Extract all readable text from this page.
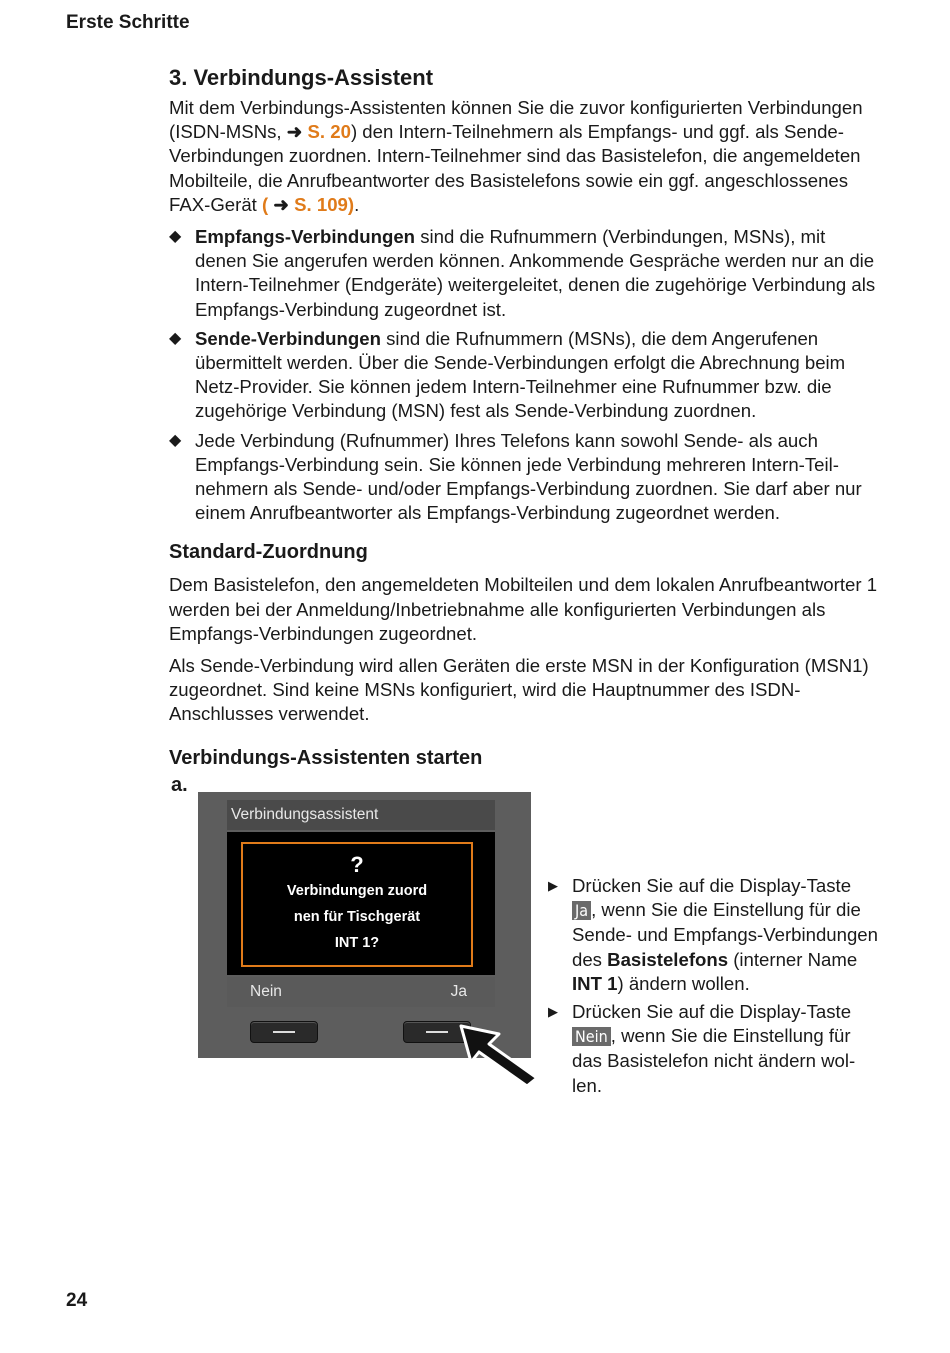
Erste Schritte
3. Verbindungs-Assistent

Mit dem Verbindungs-Assistenten können Sie die zuvor konfigurierten Verbindungen (ISDN-MSNs, ➜ S. 20) den Intern-Teilnehmern als Empfangs- und ggf. als Sende-Verbindungen zuordnen. Intern-Teilnehmer sind das Basistelefon, die angemeldeten Mobilteile, die Anrufbeantworter des Basistelefons sowie ein ggf. angeschlossenes FAX-Gerät ( ➜ S. 109).

◆ Empfangs-Verbindungen sind die Rufnummern (Verbindungen, MSNs), mit denen Sie angerufen werden können. Ankommende Gespräche werden nur an die Intern-Teilnehmer (Endgeräte) weitergeleitet, denen die zugehörige Verbindung als Empfangs-Verbindung zugeordnet ist.
◆ Sende-Verbindungen sind die Rufnummern (MSNs), die dem Angerufenen übermittelt werden. Über die Sende-Verbindungen erfolgt die Abrechnung beim Netz-Provider. Sie können jedem Intern-Teilnehmer eine Rufnummer bzw. die zugehörige Verbindung (MSN) fest als Sende-Verbindung zuordnen.
◆ Jede Verbindung (Rufnummer) Ihres Telefons kann sowohl Sende- als auch Empfangs-Verbindung sein. Sie können jede Verbindung mehreren Intern-Teilnehmern als Sende- und/oder Empfangs-Verbindung zuordnen. Sie darf aber nur einem Anrufbeantworter als Empfangs-Verbindung zugeordnet werden.
Standard-Zuordnung

Dem Basistelefon, den angemeldeten Mobilteilen und dem lokalen Anrufbeantworter 1 werden bei der Anmeldung/Inbetriebnahme alle konfigurierten Verbindungen als Empfangs-Verbindungen zugeordnet.

Als Sende-Verbindung wird allen Geräten die erste MSN in der Konfiguration (MSN1) zugeordnet. Sind keine MSNs konfiguriert, wird die Hauptnummer des ISDN-Anschlusses verwendet.

Verbindungs-Assistenten starten
a.
Verbindungsassistent
?
Verbindungen zuord
nen für Tischgerät
INT 1?
Nein	Ja
▶ Drücken Sie auf die Display-Taste Ja , wenn Sie die Einstellung für die Sende- und Empfangs-Verbindungen des Basistelefons (interner Name INT 1) ändern wollen.
▶ Drücken Sie auf die Display-Taste Nein , wenn Sie die Einstellung für das Basistelefon nicht ändern wollen.
24
